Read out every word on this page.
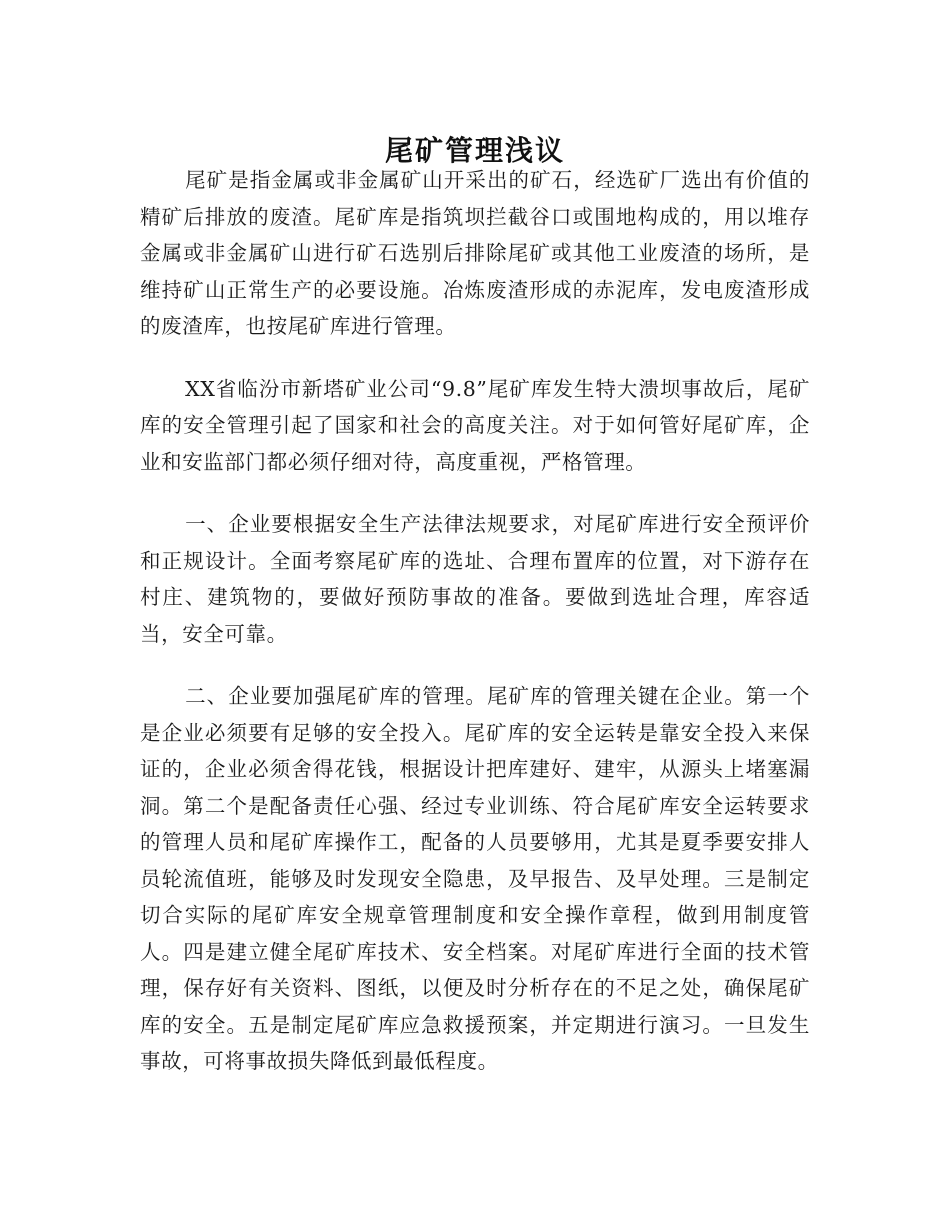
尾矿管理浅议

尾矿是指金属或非金属矿山开采出的矿石，经选矿厂选出有价值的精矿后排放的废渣。尾矿库是指筑坝拦截谷口或围地构成的，用以堆存金属或非金属矿山进行矿石选别后排除尾矿或其他工业废渣的场所，是维持矿山正常生产的必要设施。冶炼废渣形成的赤泥库，发电废渣形成的废渣库，也按尾矿库进行管理。

XX省临汾市新塔矿业公司“9.8”尾矿库发生特大溃坝事故后，尾矿库的安全管理引起了国家和社会的高度关注。对于如何管好尾矿库，企业和安监部门都必须仔细对待，高度重视，严格管理。

一、企业要根据安全生产法律法规要求，对尾矿库进行安全预评价和正规设计。全面考察尾矿库的选址、合理布置库的位置，对下游存在村庄、建筑物的，要做好预防事故的准备。要做到选址合理，库容适当，安全可靠。

二、企业要加强尾矿库的管理。尾矿库的管理关键在企业。第一个是企业必须要有足够的安全投入。尾矿库的安全运转是靠安全投入来保证的，企业必须舍得花钱，根据设计把库建好、建牢，从源头上堵塞漏洞。第二个是配备责任心强、经过专业训练、符合尾矿库安全运转要求的管理人员和尾矿库操作工，配备的人员要够用，尤其是夏季要安排人员轮流值班，能够及时发现安全隐患，及早报告、及早处理。三是制定切合实际的尾矿库安全规章管理制度和安全操作章程，做到用制度管人。四是建立健全尾矿库技术、安全档案。对尾矿库进行全面的技术管理，保存好有关资料、图纸，以便及时分析存在的不足之处，确保尾矿库的安全。五是制定尾矿库应急救援预案，并定期进行演习。一旦发生事故，可将事故损失降低到最低程度。
